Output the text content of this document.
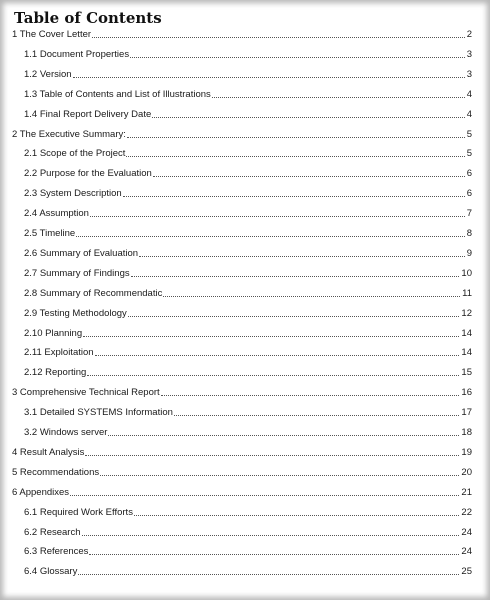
Table of Contents
1 The Cover Letter	2
1.1 Document Properties	3
1.2 Version	3
1.3 Table of Contents and List of Illustrations	4
1.4 Final Report Delivery Date	4
2 The Executive Summary:	5
2.1 Scope of the Project	5
2.2 Purpose for the Evaluation	6
2.3 System Description	6
2.4 Assumption	7
2.5 Timeline	8
2.6 Summary of Evaluation	9
2.7 Summary of Findings	10
2.8 Summary of Recommendatic	11
2.9 Testing Methodology	12
2.10 Planning	14
2.11 Exploitation	14
2.12 Reporting	15
3 Comprehensive Technical Report	16
3.1 Detailed SYSTEMS Information	17
3.2 Windows server	18
4 Result Analysis	19
5 Recommendations	20
6 Appendixes	21
6.1 Required Work Efforts	22
6.2 Research	24
6.3 References	24
6.4 Glossary	25
